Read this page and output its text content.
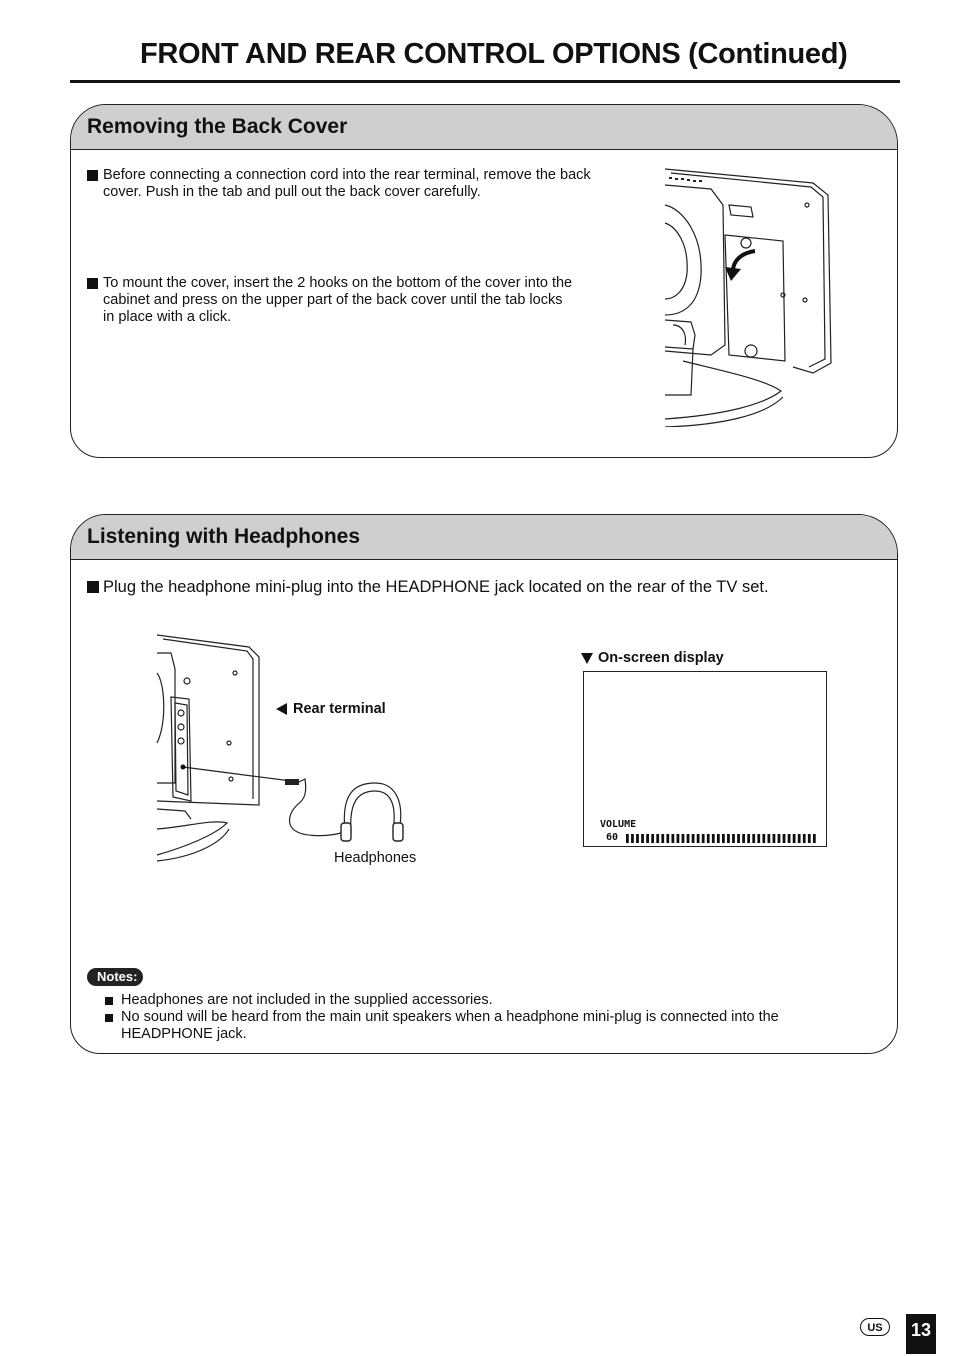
FRONT AND REAR CONTROL OPTIONS (Continued)
Removing the Back Cover
Before connecting a connection cord into the rear terminal, remove the back cover. Push in the tab and pull out the back cover carefully.
To mount the cover, insert the 2 hooks on the bottom of the cover into the cabinet and press on the upper part of the back cover until the tab locks in place with a click.
Listening with Headphones
Plug the headphone mini-plug into the HEADPHONE jack located on the rear of the TV set.
Rear terminal
Headphones
On-screen display
VOLUME
60
Notes:
Headphones are not included in the supplied accessories.
No sound will be heard from the main unit speakers when a headphone mini-plug is connected into the HEADPHONE jack.
US	13
